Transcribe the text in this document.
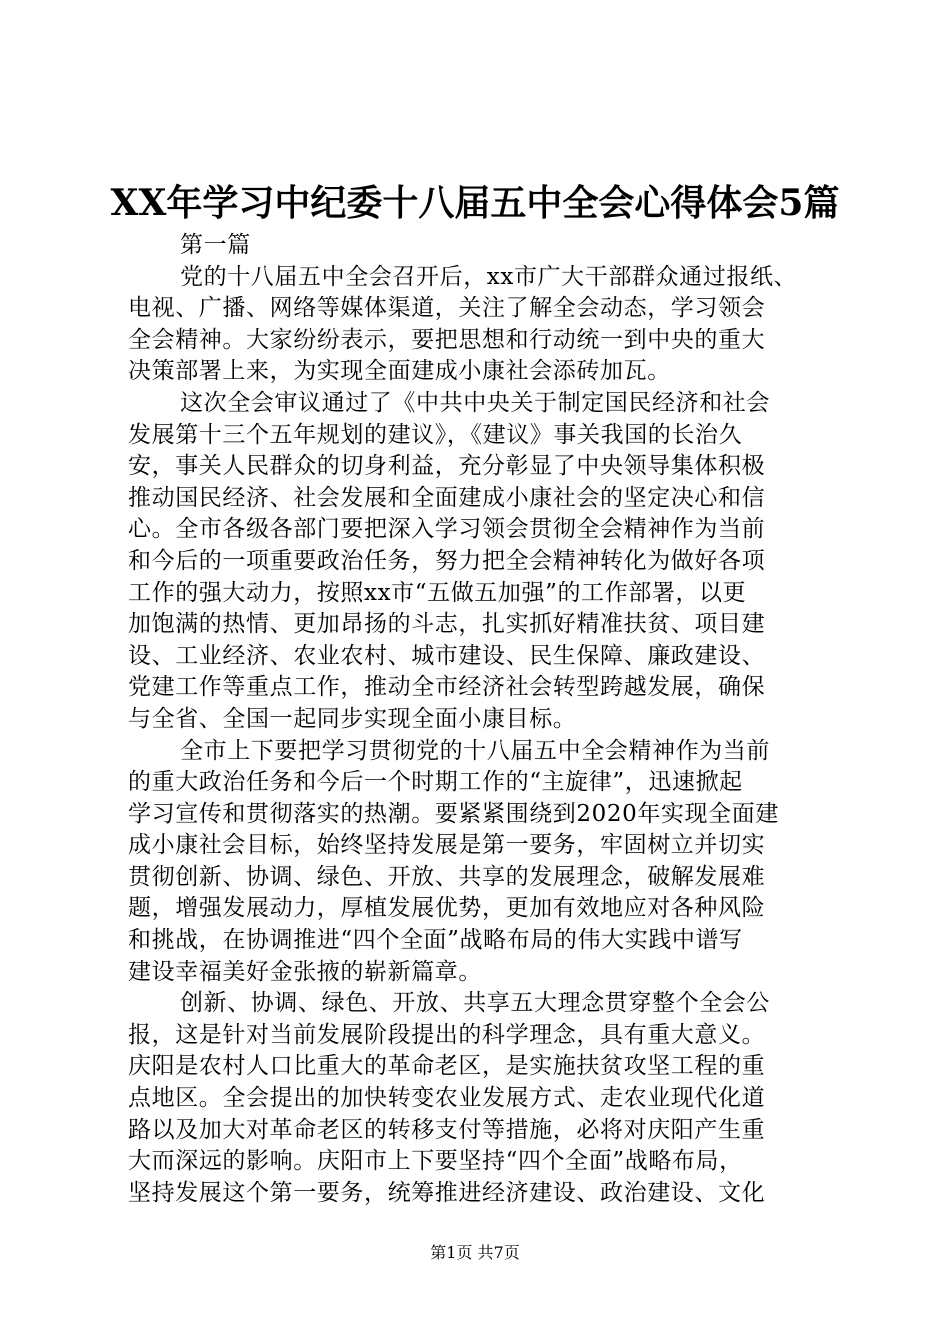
XX年学习中纪委十八届五中全会心得体会5篇
第一篇
党的十八届五中全会召开后，xx市广大干部群众通过报纸、
电视、广播、网络等媒体渠道，关注了解全会动态，学习领会
全会精神。大家纷纷表示，要把思想和行动统一到中央的重大
决策部署上来，为实现全面建成小康社会添砖加瓦。
这次全会审议通过了《中共中央关于制定国民经济和社会
发展第十三个五年规划的建议》，《建议》事关我国的长治久
安，事关人民群众的切身利益，充分彰显了中央领导集体积极
推动国民经济、社会发展和全面建成小康社会的坚定决心和信
心。全市各级各部门要把深入学习领会贯彻全会精神作为当前
和今后的一项重要政治任务，努力把全会精神转化为做好各项
工作的强大动力，按照xx市“五做五加强”的工作部署，以更
加饱满的热情、更加昂扬的斗志，扎实抓好精准扶贫、项目建
设、工业经济、农业农村、城市建设、民生保障、廉政建设、
党建工作等重点工作，推动全市经济社会转型跨越发展，确保
与全省、全国一起同步实现全面小康目标。
全市上下要把学习贯彻党的十八届五中全会精神作为当前
的重大政治任务和今后一个时期工作的“主旋律”，迅速掀起
学习宣传和贯彻落实的热潮。要紧紧围绕到2020年实现全面建
成小康社会目标，始终坚持发展是第一要务，牢固树立并切实
贯彻创新、协调、绿色、开放、共享的发展理念，破解发展难
题，增强发展动力，厚植发展优势，更加有效地应对各种风险
和挑战，在协调推进“四个全面”战略布局的伟大实践中谱写
建设幸福美好金张掖的崭新篇章。
创新、协调、绿色、开放、共享五大理念贯穿整个全会公
报，这是针对当前发展阶段提出的科学理念，具有重大意义。
庆阳是农村人口比重大的革命老区，是实施扶贫攻坚工程的重
点地区。全会提出的加快转变农业发展方式、走农业现代化道
路以及加大对革命老区的转移支付等措施，必将对庆阳产生重
大而深远的影响。庆阳市上下要坚持“四个全面”战略布局，
坚持发展这个第一要务，统筹推进经济建设、政治建设、文化
第1页 共7页
